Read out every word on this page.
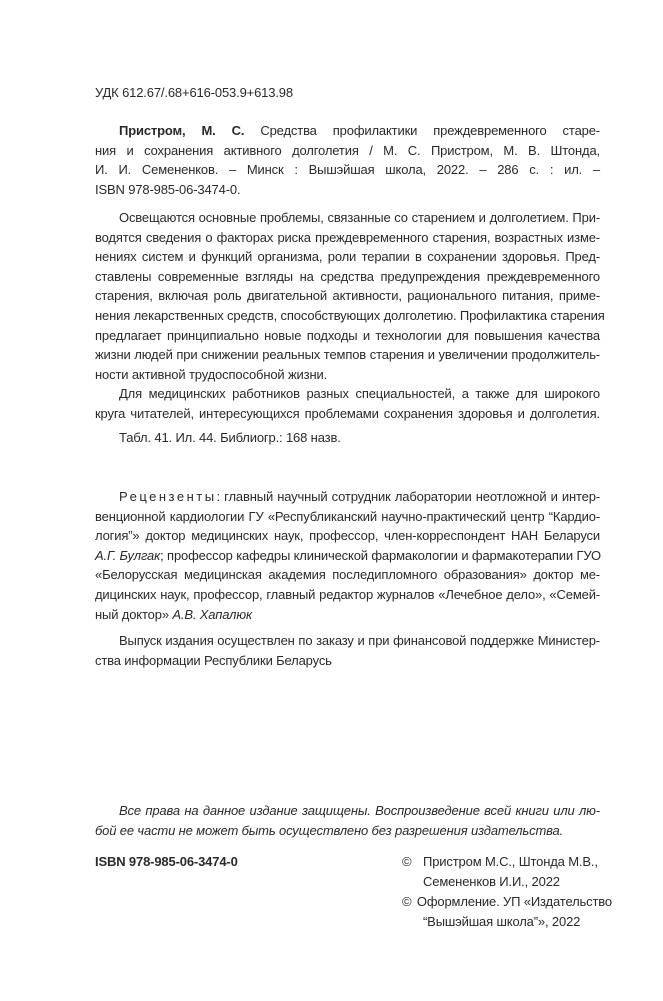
УДК 612.67/.68+616-053.9+613.98
Пристром, М. С. Средства профилактики преждевременного старе-
ния и сохранения активного долголетия / М. С. Пристром, М. В. Штонда,
И. И. Семененков. – Минск : Вышэйшая школа, 2022. – 286 с. : ил. –
ISBN 978-985-06-3474-0.
Освещаются основные проблемы, связанные со старением и долголетием. При-
водятся сведения о факторах риска преждевременного старения, возрастных изме-
нениях систем и функций организма, роли терапии в сохранении здоровья. Пред-
ставлены современные взгляды на средства предупреждения преждевременного
старения, включая роль двигательной активности, рационального питания, приме-
нения лекарственных средств, способствующих долголетию. Профилактика старения
предлагает принципиально новые подходы и технологии для повышения качества
жизни людей при снижении реальных темпов старения и увеличении продолжитель-
ности активной трудоспособной жизни.
Для медицинских работников разных специальностей, а также для широкого
круга читателей, интересующихся проблемами сохранения здоровья и долголетия.
Табл. 41. Ил. 44. Библиогр.: 168 назв.
Рецензенты: главный научный сотрудник лаборатории неотложной и интер-
венционной кардиологии ГУ «Республиканский научно-практический центр “Кардио-
логия”» доктор медицинских наук, профессор, член-корреспондент НАН Беларуси
А.Г. Булгак; профессор кафедры клинической фармакологии и фармакотерапии ГУО
«Белорусская медицинская академия последипломного образования» доктор ме-
дицинских наук, профессор, главный редактор журналов «Лечебное дело», «Семей-
ный доктор» А.В. Хапалюк
Выпуск издания осуществлен по заказу и при финансовой поддержке Министер-
ства информации Республики Беларусь
Все права на данное издание защищены. Воспроизведение всей книги или лю-
бой ее части не может быть осуществлено без разрешения издательства.
ISBN 978-985-06-3474-0	© Пристром М.С., Штонда М.В.,
Семененков И.И., 2022
© Оформление. УП «Издательство
“Вышэйшая школа”», 2022
